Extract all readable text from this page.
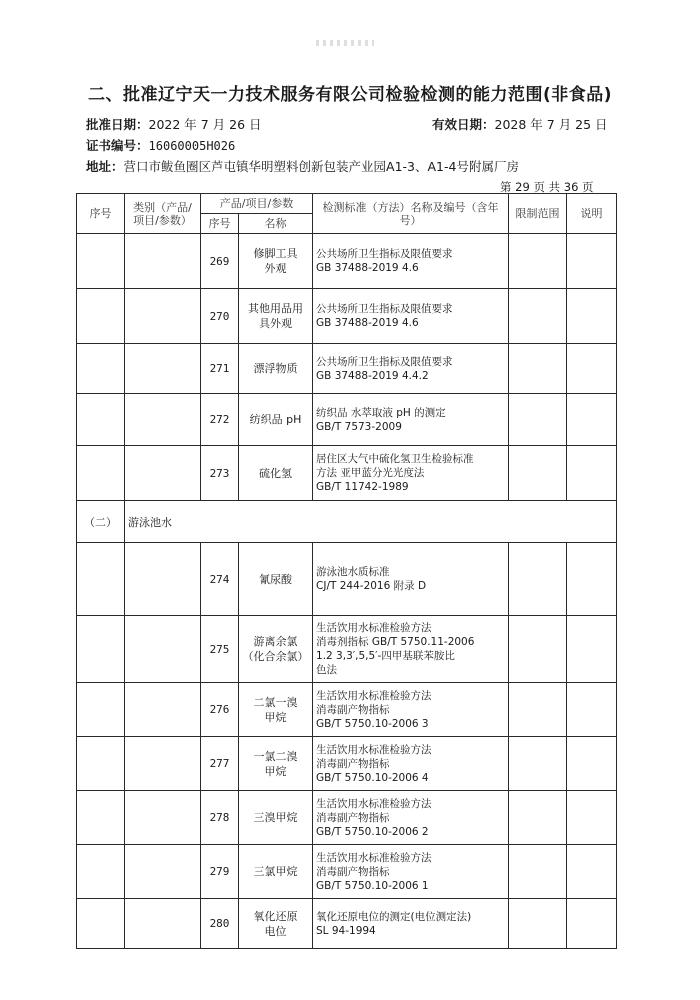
二、批准辽宁天一力技术服务有限公司检验检测的能力范围(非食品)
批准日期：2022 年 7 月 26 日	有效日期：2028 年 7 月 25 日
证书编号：16060005H026
地址：营口市鲅鱼圈区芦屯镇华明塑料创新包装产业园A1-3、A1-4号附属厂房
第 29 页 共 36 页
序号	类别（产品/项目/参数）	产品/项目/参数		检测标准（方法）名称及编号（含年号）	限制范围	说明
		序号	名称			
		269	修脚工具
外观	公共场所卫生指标及限值要求
GB 37488-2019 4.6		

		270	其他用品用
具外观	公共场所卫生指标及限值要求
GB 37488-2019 4.6		

		271	漂浮物质	公共场所卫生指标及限值要求
GB 37488-2019 4.4.2		

		272	纺织品 pH	纺织品 水萃取液 pH 的测定
GB/T 7573-2009		

		273	硫化氢	居住区大气中硫化氢卫生检验标准
方法 亚甲蓝分光光度法
GB/T 11742-1989		

（二）	游泳池水					
		274	氰尿酸	游泳池水质标准
CJ/T 244-2016 附录 D		

		275	游离余氯
（化合余氯）	生活饮用水标准检验方法
消毒剂指标 GB/T 5750.11-2006
1.2 3,3′,5,5′-四甲基联苯胺比
色法		

		276	二氯一溴
甲烷	生活饮用水标准检验方法
消毒副产物指标
GB/T 5750.10-2006 3		

		277	一氯二溴
甲烷	生活饮用水标准检验方法
消毒副产物指标
GB/T 5750.10-2006 4		

		278	三溴甲烷	生活饮用水标准检验方法
消毒副产物指标
GB/T 5750.10-2006 2		

		279	三氯甲烷	生活饮用水标准检验方法
消毒副产物指标
GB/T 5750.10-2006 1		

		280	氧化还原
电位	氧化还原电位的测定(电位测定法)
SL 94-1994		
